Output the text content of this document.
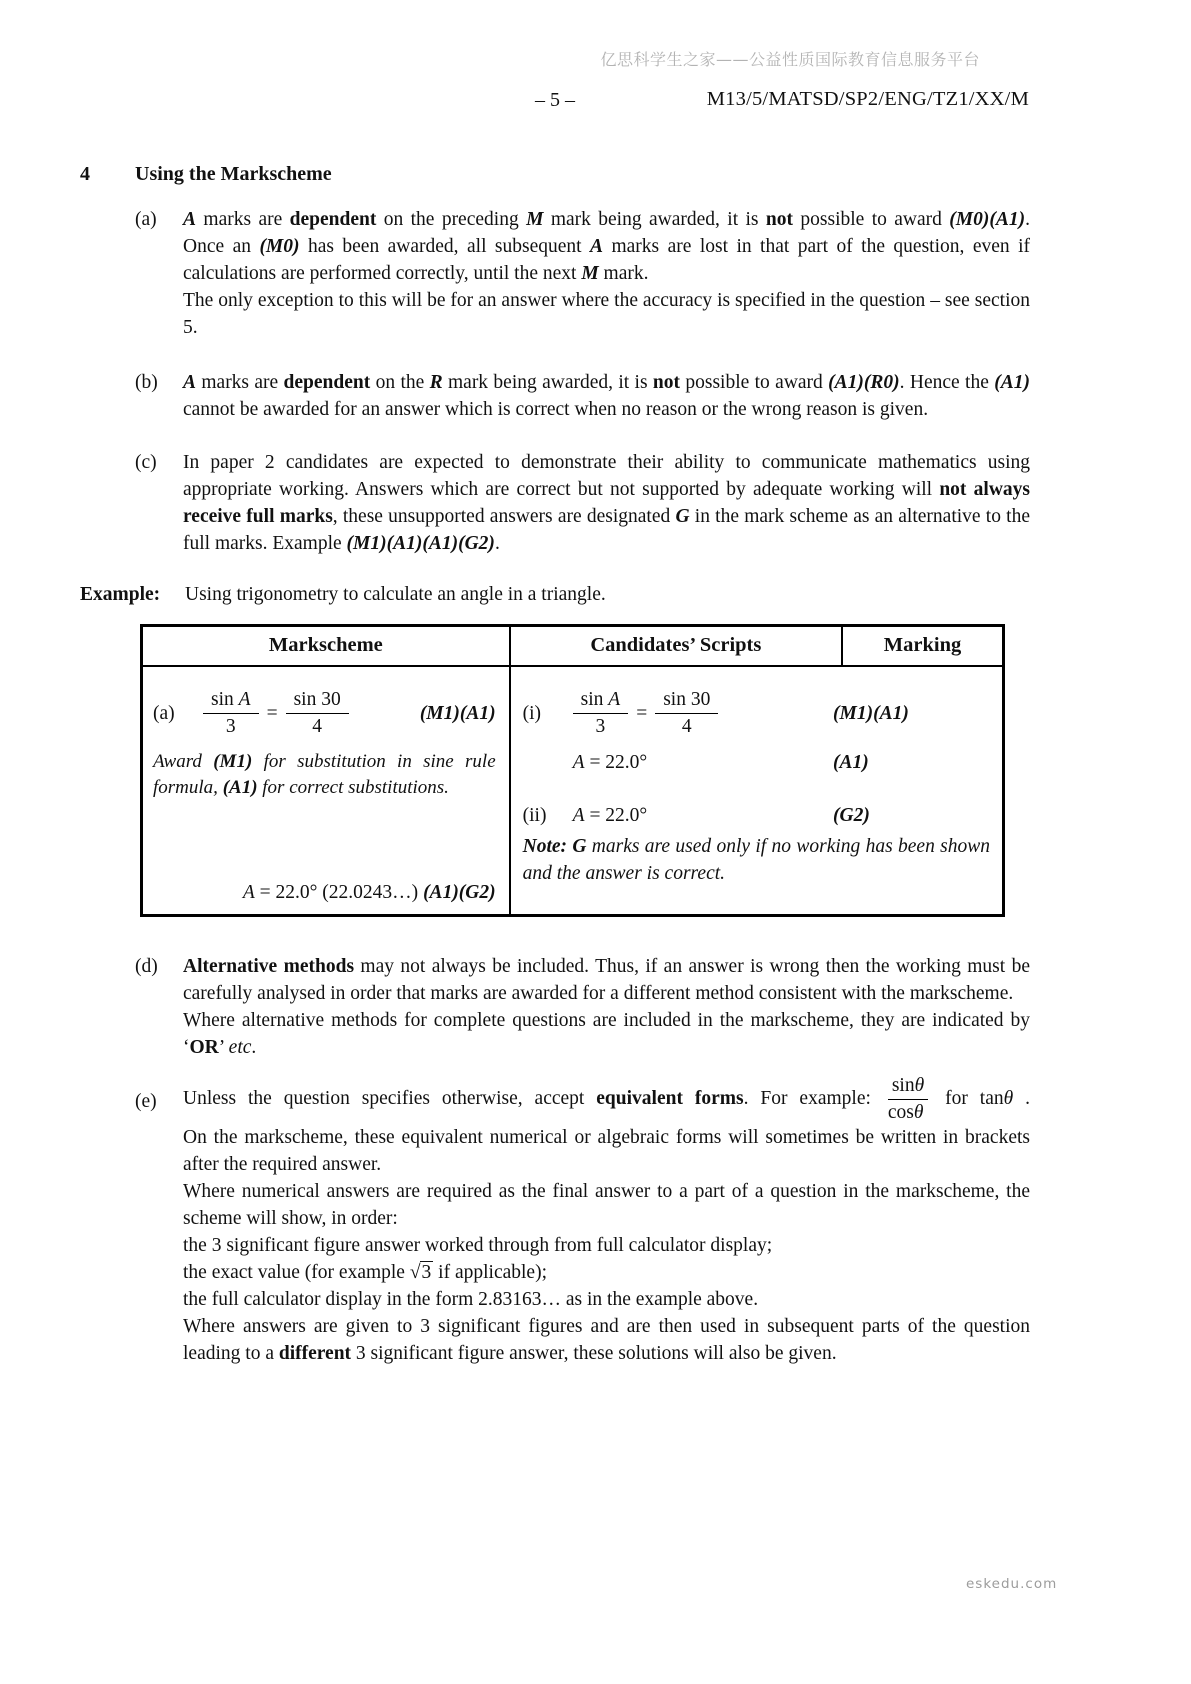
亿思科学生之家——公益性质国际教育信息服务平台
– 5 –	M13/5/MATSD/SP2/ENG/TZ1/XX/M
4 Using the Markscheme
(a) A marks are dependent on the preceding M mark being awarded, it is not possible to award (M0)(A1). Once an (M0) has been awarded, all subsequent A marks are lost in that part of the question, even if calculations are performed correctly, until the next M mark.

The only exception to this will be for an answer where the accuracy is specified in the question – see section 5.

(b) A marks are dependent on the R mark being awarded, it is not possible to award (A1)(R0). Hence the (A1) cannot be awarded for an answer which is correct when no reason or the wrong reason is given.

(c) In paper 2 candidates are expected to demonstrate their ability to communicate mathematics using appropriate working. Answers which are correct but not supported by adequate working will not always receive full marks, these unsupported answers are designated G in the mark scheme as an alternative to the full marks. Example (M1)(A1)(A1)(G2).

Example: Using trigonometry to calculate an angle in a triangle.
Markscheme	Candidates’ Scripts	Marking
(a)	$\frac{\text{sin A}}{3} = \frac{\sin 30}{4}$	(M1)(A1)

Award (M1) for substitution in sine rule formula, (A1) for correct substitutions.

A = 22.0° (22.0243…) (A1)(G2)

(i)	$\frac{\text{sin A}}{3} = \frac{\sin 30}{4}$	(M1)(A1)
A = 22.0°	(A1)
(ii)	A = 22.0°	(G2)

Note: G marks are used only if no working has been shown and the answer is correct.

(d) Alternative methods may not always be included. Thus, if an answer is wrong then the working must be carefully analysed in order that marks are awarded for a different method consistent with the markscheme.

Where alternative methods for complete questions are included in the markscheme, they are indicated by ‘OR’ etc.

(e) Unless the question specifies otherwise, accept equivalent forms. For example: $\frac{\sin\theta}{\cos\theta}$ for tanθ .

On the markscheme, these equivalent numerical or algebraic forms will sometimes be written in brackets after the required answer.

Where numerical answers are required as the final answer to a part of a question in the markscheme, the scheme will show, in order:

the 3 significant figure answer worked through from full calculator display;

the exact value (for example √ 3 if applicable);

the full calculator display in the form 2.83163… as in the example above.

Where answers are given to 3 significant figures and are then used in subsequent parts of the question leading to a different 3 significant figure answer, these solutions will also be given.

eskedu.com
